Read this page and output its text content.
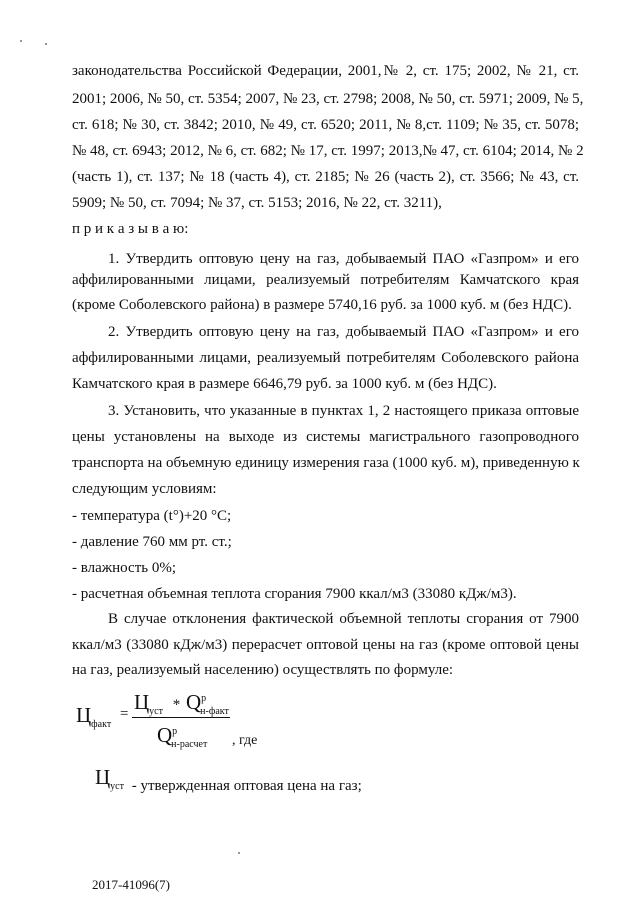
законодательства Российской Федерации, 2001,№ 2, ст. 175; 2002, № 21, ст.
2001; 2006, № 50, ст. 5354; 2007, № 23, ст. 2798; 2008, № 50, ст. 5971; 2009, № 5,
ст. 618; № 30, ст. 3842; 2010, № 49, ст. 6520; 2011, № 8,ст. 1109; № 35, ст. 5078;
№ 48, ст. 6943; 2012, № 6, ст. 682; № 17, ст. 1997; 2013,№ 47, ст. 6104; 2014, № 2
(часть 1), ст. 137; № 18 (часть 4), ст. 2185; № 26 (часть 2), ст. 3566; № 43, ст.
5909; № 50, ст. 7094; № 37, ст. 5153; 2016, № 22, ст. 3211),
п р и к а з ы в а ю:
1. Утвердить оптовую цену на газ, добываемый ПАО «Газпром» и его
аффилированными лицами, реализуемый потребителям Камчатского края
(кроме Соболевского района) в размере 5740,16 руб. за 1000 куб. м (без НДС).
2. Утвердить оптовую цену на газ, добываемый ПАО «Газпром» и его
аффилированными лицами, реализуемый потребителям Соболевского района
Камчатского края в размере 6646,79 руб. за 1000 куб. м (без НДС).
3. Установить, что указанные в пунктах 1, 2 настоящего приказа оптовые
цены установлены на выходе из системы магистрального газопроводного
транспорта на объемную единицу измерения газа (1000 куб. м), приведенную к
следующим условиям:
- температура (t°)+20 °С;
- давление 760 мм рт. ст.;
- влажность 0%;
- расчетная объемная теплота сгорания 7900 ккал/м3 (33080 кДж/м3).
В случае отклонения фактической объемной теплоты сгорания от 7900
ккал/м3 (33080 кДж/м3) перерасчет оптовой цены на газ (кроме оптовой цены
на газ, реализуемый населению) осуществлять по формуле:
$Ц_{факт}$
= $Ц_{уст} * Q^р_{н-факт}$
$Q^р_{н-расчет}$ , где
$Ц_{уст}$ - утвержденная оптовая цена на газ;
2017-41096(7)
